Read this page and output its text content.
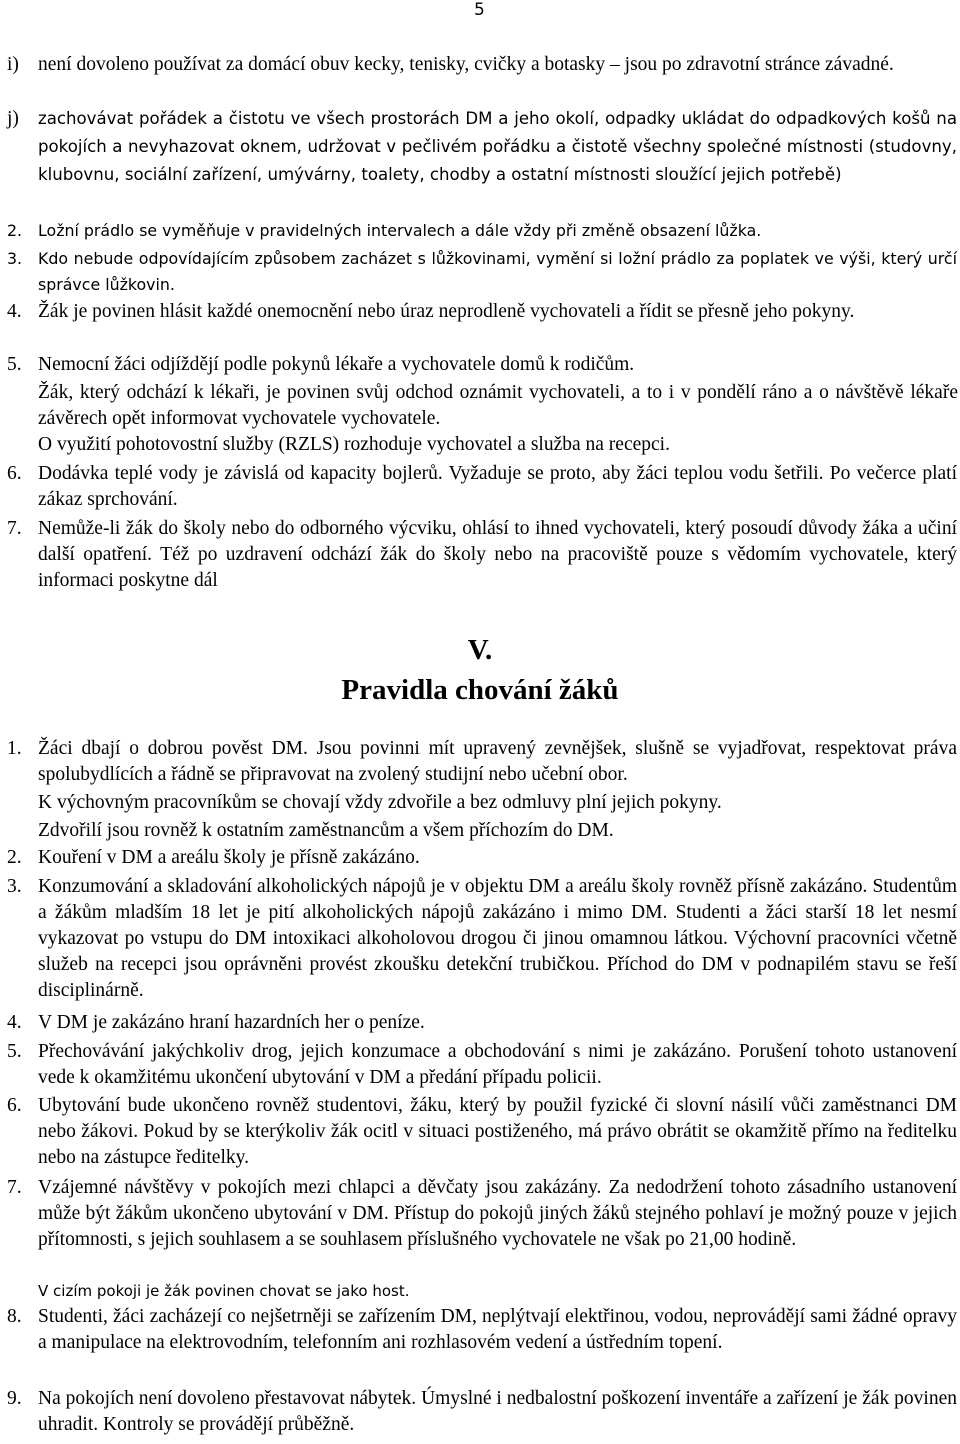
5
i) není dovoleno používat za domácí obuv kecky, tenisky, cvičky a botasky – jsou po zdravotní stránce závadné.
j)	zachovávat pořádek a čistotu ve všech prostorách DM a jeho okolí, odpadky ukládat do odpadkových košů na pokojích a nevyhazovat oknem, udržovat v pečlivém pořádku a čistotě všechny společné místnosti (studovny, klubovnu, sociální zařízení, umývárny, toalety, chodby a ostatní místnosti sloužící jejich potřebě)
2.	Ložní prádlo se vyměňuje v pravidelných intervalech a dále vždy při změně obsazení lůžka.
3.	Kdo nebude odpovídajícím způsobem zacházet s lůžkovinami, vymění si ložní prádlo za poplatek ve výši, který určí správce lůžkovin.
4. Žák je povinen hlásit každé onemocnění nebo úraz neprodleně vychovateli a řídit se přesně jeho pokyny.
5. Nemocní žáci odjíždějí podle pokynů lékaře a vychovatele domů k rodičům.
Žák, který odchází k lékaři, je povinen svůj odchod oznámit vychovateli, a to i v pondělí ráno a o návštěvě lékaře závěrech opět informovat vychovatele vychovatele.
O využití pohotovostní služby (RZLS) rozhoduje vychovatel a služba na recepci.
6. Dodávka teplé vody je závislá od kapacity bojlerů. Vyžaduje se proto, aby žáci teplou vodu šetřili. Po večerce platí zákaz sprchování.
7. Nemůže-li žák do školy nebo do odborného výcviku, ohlásí to ihned vychovateli, který posoudí důvody žáka a učiní další opatření. Též po uzdravení odchází žák do školy nebo na pracoviště pouze s vědomím vychovatele, který informaci poskytne dál
V.
Pravidla chování žáků
1. Žáci dbají o dobrou pověst DM. Jsou povinni mít upravený zevnějšek, slušně se vyjadřovat, respektovat práva spolubydlících a řádně se připravovat na zvolený studijní nebo učební obor.
K výchovným pracovníkům se chovají vždy zdvořile a bez odmluvy plní jejich pokyny.
Zdvořilí jsou rovněž k ostatním zaměstnancům a všem příchozím do DM.
2. Kouření v DM a areálu školy je přísně zakázáno.
3. Konzumování a skladování alkoholických nápojů je v objektu DM a areálu školy rovněž přísně zakázáno. Studentům a žákům mladším 18 let je pití alkoholických nápojů zakázáno i mimo DM. Studenti a žáci starší 18 let nesmí vykazovat po vstupu do DM intoxikaci alkoholovou drogou či jinou omamnou látkou. Výchovní pracovníci včetně služeb na recepci jsou oprávněni provést zkoušku detekční trubičkou. Příchod do DM v podnapilém stavu se řeší disciplinárně.
4. V DM je zakázáno hraní hazardních her o peníze.
5. Přechovávání jakýchkoliv drog, jejich konzumace a obchodování s nimi je zakázáno. Porušení tohoto ustanovení vede k okamžitému ukončení ubytování v DM a předání případu policii.
6. Ubytování bude ukončeno rovněž studentovi, žáku, který by použil fyzické či slovní násilí vůči zaměstnanci DM nebo žákovi. Pokud by se kterýkoliv žák ocitl v situaci postiženého, má právo obrátit se okamžitě přímo na ředitelku nebo na zástupce ředitelky.
7. Vzájemné návštěvy v pokojích mezi chlapci a děvčaty jsou zakázány. Za nedodržení tohoto zásadního ustanovení může být žákům ukončeno ubytování v DM. Přístup do pokojů jiných žáků stejného pohlaví je možný pouze v jejich přítomnosti, s jejich souhlasem a se souhlasem příslušného vychovatele ne však po 21,00 hodině.
V cizím pokoji je žák povinen chovat se jako host.
8. Studenti, žáci zacházejí co nejšetrněji se zařízením DM, neplýtvají elektřinou, vodou, neprovádějí sami žádné opravy a manipulace na elektrovodním, telefonním ani rozhlasovém vedení a ústředním topení.
9. Na pokojích není dovoleno přestavovat nábytek. Úmyslné i nedbalostní poškození inventáře a zařízení je žák povinen uhradit. Kontroly se provádějí průběžně.
